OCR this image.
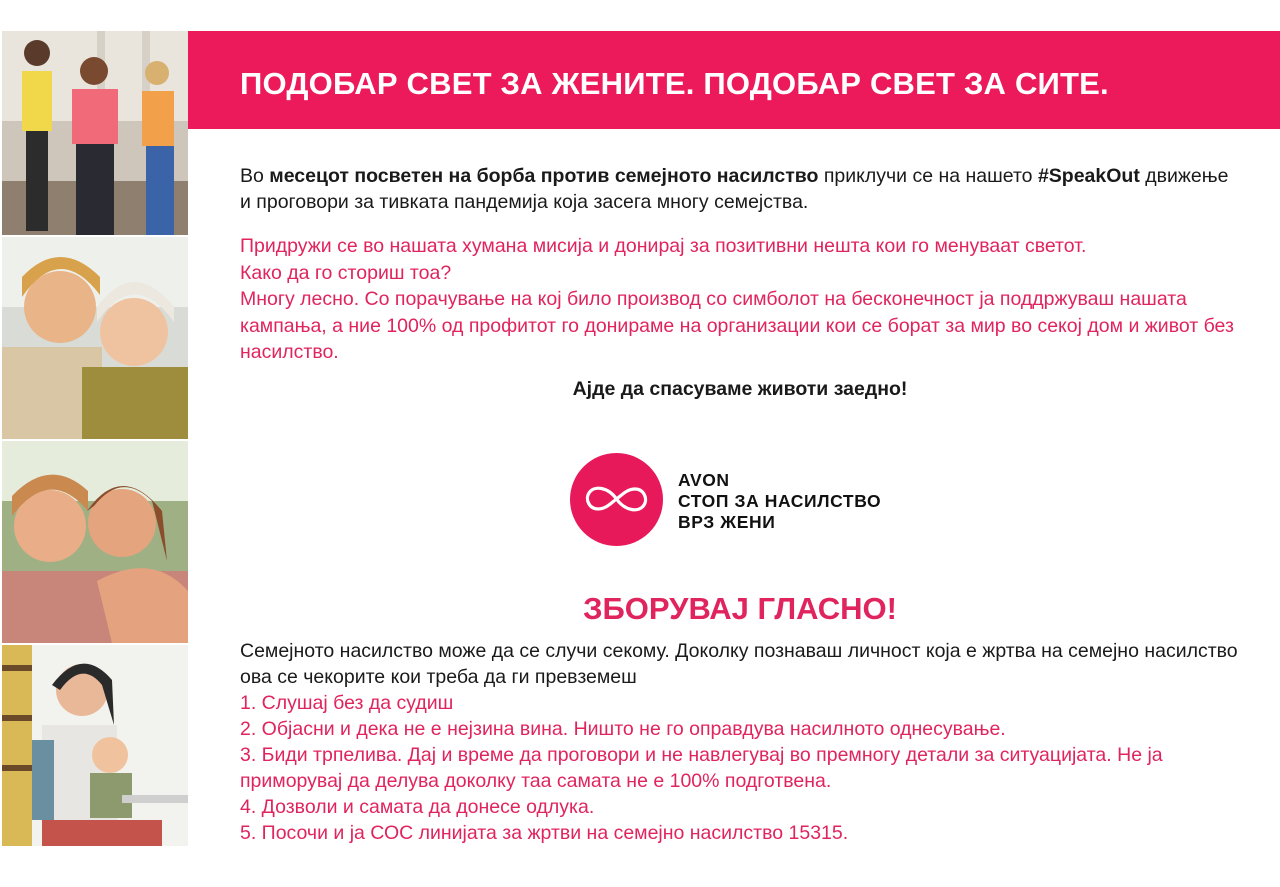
ПОДОБАР СВЕТ ЗА ЖЕНИТЕ. ПОДОБАР СВЕТ ЗА СИТЕ.
Во месецот посветен на борба против семејното насилство приклучи се на нашето #SpeakOut движење и проговори за тивката пандемија која засега многу семејства.
Придружи се во нашата хумана мисија и донирај за позитивни нешта кои го менуваат светот.
Како да го сториш тоа?
Многу лесно. Со порачување на кој било производ со симболот на бесконечност ја поддржуваш нашата кампања, а ние 100% од профитот го донираме на организации кои се борат за мир во секој дом и живот без насилство.
Ајде да спасуваме животи заедно!
AVON
СТОП ЗА НАСИЛСТВО
ВРЗ ЖЕНИ
ЗБОРУВАЈ ГЛАСНО!
Семејното насилство може да се случи секому. Доколку познаваш личност која е жртва на семејно насилство ова се чекорите кои треба да ги превземеш
1. Слушај без да судиш
2. Објасни и дека не е нејзина вина. Ништо не го оправдува насилното однесување.
3. Биди трпелива. Дај и време да проговори и не навлегувај во премногу детали за ситуацијата. Не ја приморувај да делува доколку таа самата не е 100% подготвена.
4. Дозволи и самата да донесе одлука.
5. Посочи и ја СОС линијата за жртви на семејно насилство 15315.
